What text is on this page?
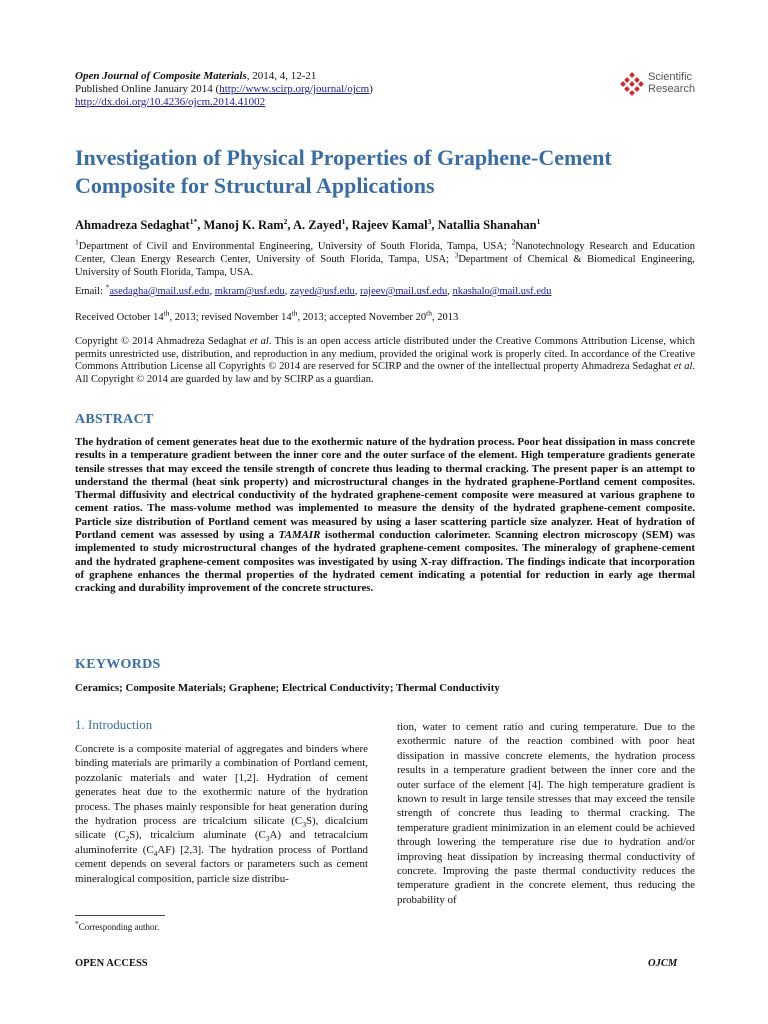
Open Journal of Composite Materials, 2014, 4, 12-21
Published Online January 2014 (http://www.scirp.org/journal/ojcm)
http://dx.doi.org/10.4236/ojcm.2014.41002
Scientific
Research
Investigation of Physical Properties of Graphene-Cement Composite for Structural Applications
Ahmadreza Sedaghat$^{1*}$, Manoj K. Ram$^2$, A. Zayed$^1$, Rajeev Kamal$^3$, Natallia Shanahan$^1$
$^1$Department of Civil and Environmental Engineering, University of South Florida, Tampa, USA; $^2$Nanotechnology Research and Education Center, Clean Energy Research Center, University of South Florida, Tampa, USA; $^3$Department of Chemical & Biomedical Engineering, University of South Florida, Tampa, USA.
Email: *asedagha@mail.usf.edu, mkram@usf.edu, zayed@usf.edu, rajeev@mail.usf.edu, nkashalo@mail.usf.edu
Received October 14th, 2013; revised November 14th, 2013; accepted November 20th, 2013
Copyright © 2014 Ahmadreza Sedaghat et al. This is an open access article distributed under the Creative Commons Attribution License, which permits unrestricted use, distribution, and reproduction in any medium, provided the original work is properly cited. In accordance of the Creative Commons Attribution License all Copyrights © 2014 are reserved for SCIRP and the owner of the intellectual property Ahmadreza Sedaghat et al. All Copyright © 2014 are guarded by law and by SCIRP as a guardian.
ABSTRACT
The hydration of cement generates heat due to the exothermic nature of the hydration process. Poor heat dissipation in mass concrete results in a temperature gradient between the inner core and the outer surface of the element. High temperature gradients generate tensile stresses that may exceed the tensile strength of concrete thus leading to thermal cracking. The present paper is an attempt to understand the thermal (heat sink property) and microstructural changes in the hydrated graphene-Portland cement composites. Thermal diffusivity and electrical conductivity of the hydrated graphene-cement composite were measured at various graphene to cement ratios. The mass-volume method was implemented to measure the density of the hydrated graphene-cement composite. Particle size distribution of Portland cement was measured by using a laser scattering particle size analyzer. Heat of hydration of Portland cement was assessed by using a TAMAIR isothermal conduction calorimeter. Scanning electron microscopy (SEM) was implemented to study microstructural changes of the hydrated graphene-cement composites. The mineralogy of graphene-cement and the hydrated graphene-cement composites was investigated by using X-ray diffraction. The findings indicate that incorporation of graphene enhances the thermal properties of the hydrated cement indicating a potential for reduction in early age thermal cracking and durability improvement of the concrete structures.
KEYWORDS
Ceramics; Composite Materials; Graphene; Electrical Conductivity; Thermal Conductivity
1. Introduction
Concrete is a composite material of aggregates and binders where binding materials are primarily a combination of Portland cement, pozzolanic materials and water [1,2]. Hydration of cement generates heat due to the exothermic nature of the hydration process. The phases mainly responsible for heat generation during the hydration process are tricalcium silicate $(C_3S)$, dicalcium silicate $(C_2S)$, tricalcium aluminate $(C_3A)$ and tetracalcium aluminoferrite $(C_4AF)$ [2,3]. The hydration process of Portland cement depends on several factors or parameters such as cement mineralogical composition, particle size distribu-
tion, water to cement ratio and curing temperature. Due to the exothermic nature of the reaction combined with poor heat dissipation in massive concrete elements, the hydration process results in a temperature gradient between the inner core and the outer surface of the element [4]. The high temperature gradient is known to result in large tensile stresses that may exceed the tensile strength of concrete thus leading to thermal cracking. The temperature gradient minimization in an element could be achieved through lowering the temperature rise due to hydration and/or improving heat dissipation by increasing thermal conductivity of concrete. Improving the paste thermal conductivity reduces the temperature gradient in the concrete element, thus reducing the probability of
*Corresponding author.
OPEN ACCESS	OJCM
